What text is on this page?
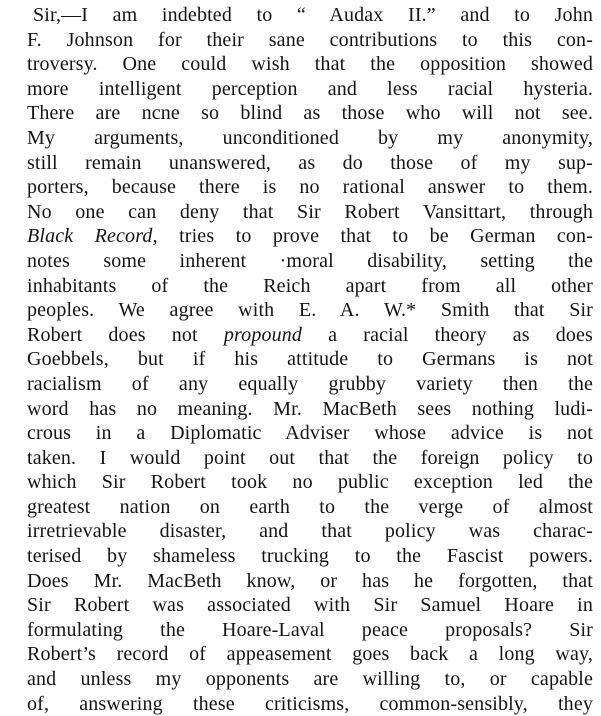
Sir,—I am indebted to “ Audax II.” and to John
F. Johnson for their sane contributions to this con-
troversy. One could wish that the opposition showed
more intelligent perception and less racial hysteria.
There are ncne so blind as those who will not see.
My arguments, unconditioned by my anonymity,
still remain unanswered, as do those of my sup-
porters, because there is no rational answer to them.
No one can deny that Sir Robert Vansittart, through
Black Record, tries to prove that to be German con-
notes some inherent ·moral disability, setting the
inhabitants of the Reich apart from all other
peoples. We agree with E. A. W.* Smith that Sir
Robert does not propound a racial theory as does
Goebbels, but if his attitude to Germans is not
racialism of any equally grubby variety then the
word has no meaning. Mr. MacBeth sees nothing ludi-
crous in a Diplomatic Adviser whose advice is not
taken. I would point out that the foreign policy to
which Sir Robert took no public exception led the
greatest nation on earth to the verge of almost
irretrievable disaster, and that policy was charac-
terised by shameless trucking to the Fascist powers.
Does Mr. MacBeth know, or has he forgotten, that
Sir Robert was associated with Sir Samuel Hoare in
formulating the Hoare-Laval peace proposals? Sir
Robert’s record of appeasement goes back a long way,
and unless my opponents are willing to, or capable
of, answering these criticisms, common-sensibly, they
